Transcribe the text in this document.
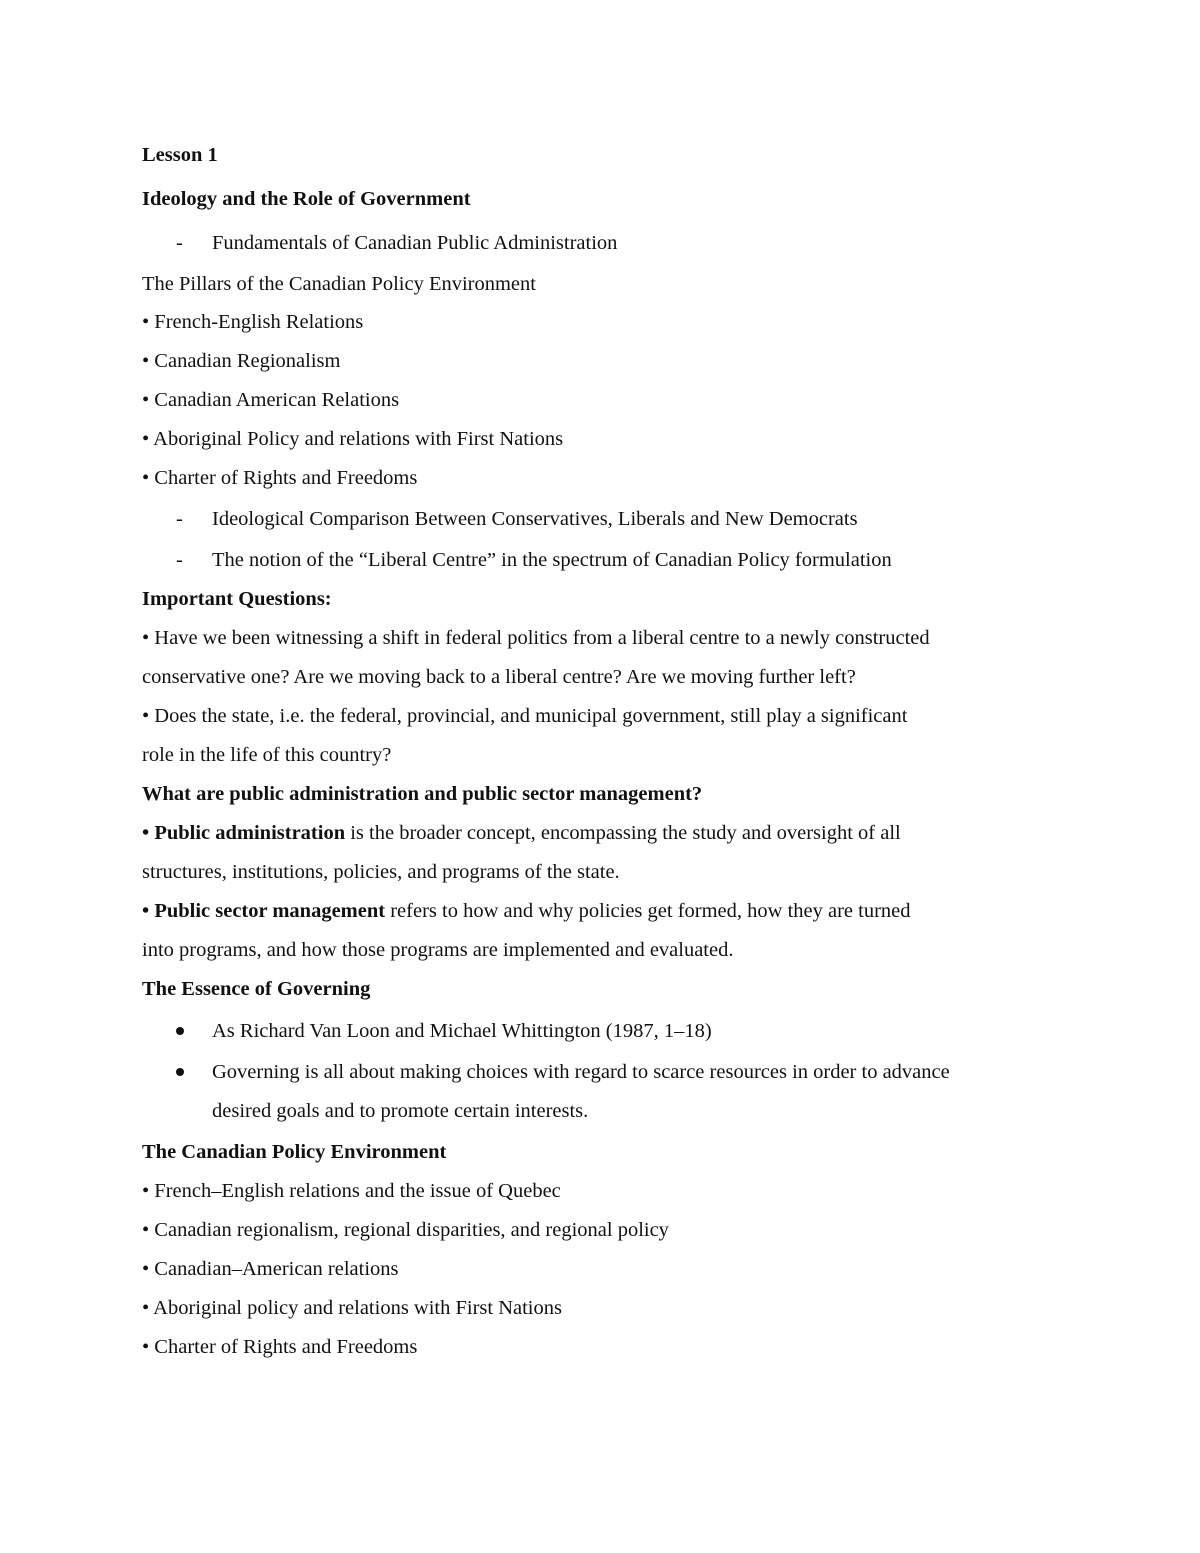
Lesson 1
Ideology and the Role of Government
- Fundamentals of Canadian Public Administration
The Pillars of the Canadian Policy Environment
• French-English Relations
• Canadian Regionalism
• Canadian American Relations
• Aboriginal Policy and relations with First Nations
• Charter of Rights and Freedoms
- Ideological Comparison Between Conservatives, Liberals and New Democrats
- The notion of the “Liberal Centre” in the spectrum of Canadian Policy formulation
Important Questions:
• Have we been witnessing a shift in federal politics from a liberal centre to a newly constructed
conservative one? Are we moving back to a liberal centre? Are we moving further left?
• Does the state, i.e. the federal, provincial, and municipal government, still play a significant
role in the life of this country?
What are public administration and public sector management?
• Public administration is the broader concept, encompassing the study and oversight of all
structures, institutions, policies, and programs of the state.
• Public sector management refers to how and why policies get formed, how they are turned
into programs, and how those programs are implemented and evaluated.
The Essence of Governing
As Richard Van Loon and Michael Whittington (1987, 1–18)
Governing is all about making choices with regard to scarce resources in order to advance
desired goals and to promote certain interests.
The Canadian Policy Environment
• French–English relations and the issue of Quebec
• Canadian regionalism, regional disparities, and regional policy
• Canadian–American relations
• Aboriginal policy and relations with First Nations
• Charter of Rights and Freedoms
